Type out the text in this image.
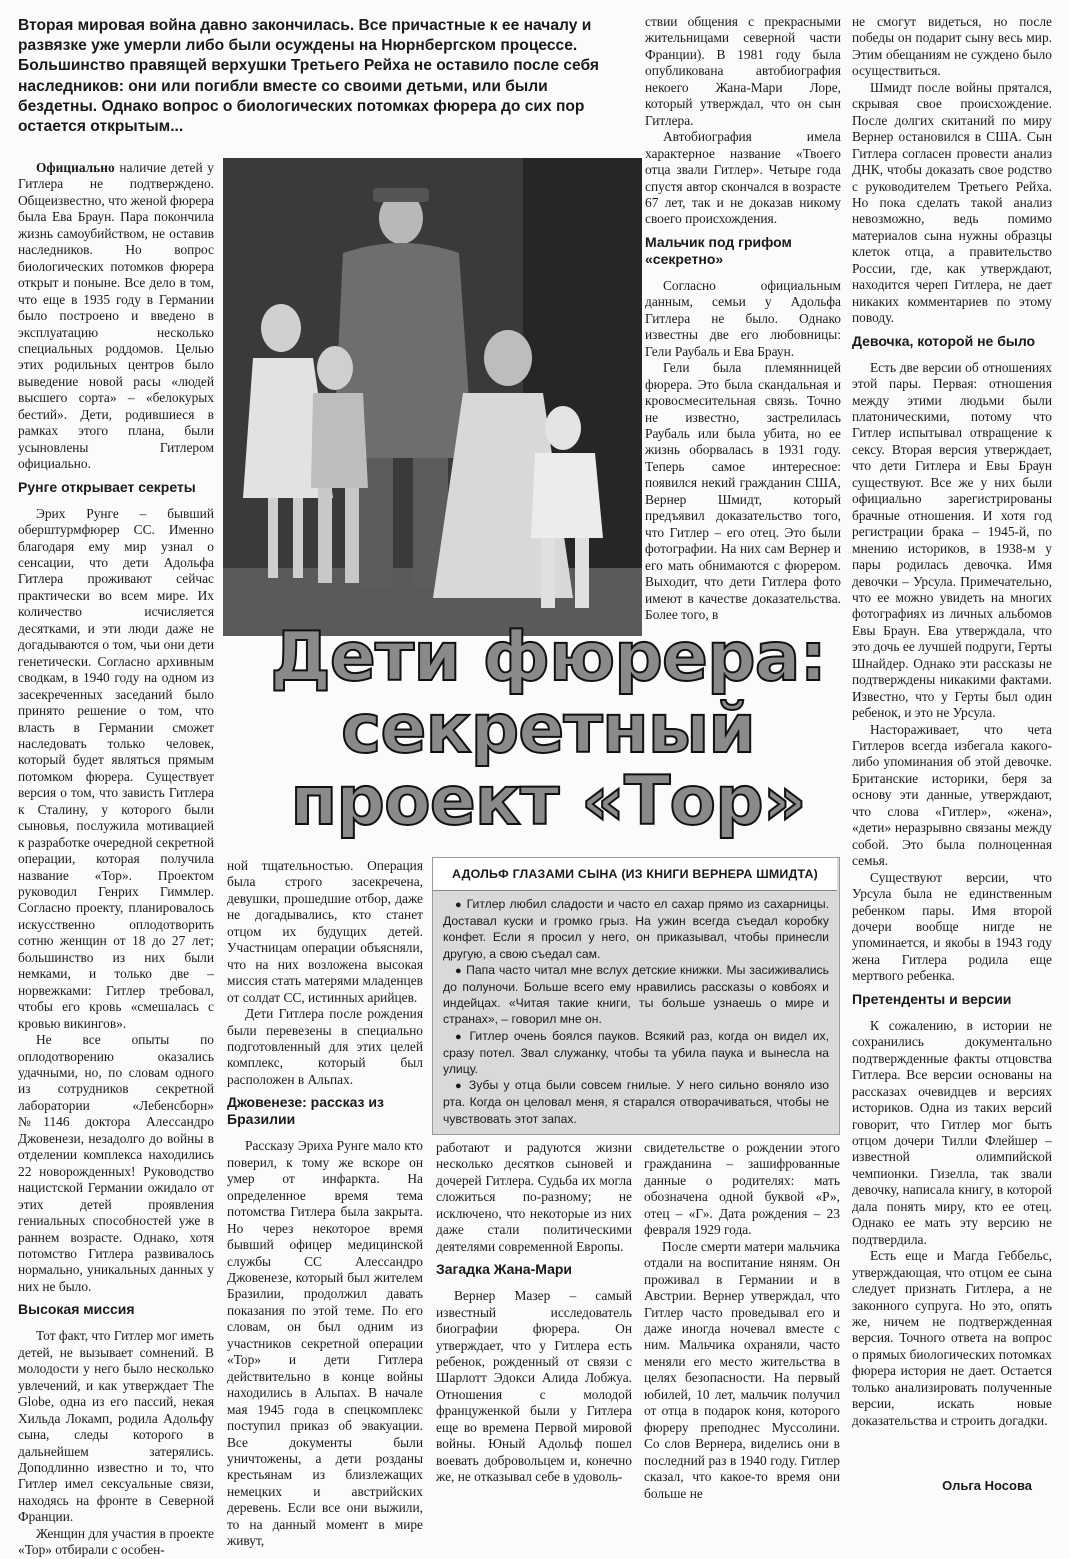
Вторая мировая война давно закончилась. Все причастные к ее началу и развязке уже умерли либо были осуждены на Нюрнбергском процессе. Большинство правящей верхушки Третьего Рейха не оставило после себя наследников: они или погибли вместе со своими детьми, или были бездетны. Однако вопрос о биологических потомках фюрера до сих пор остается открытым...

Официально наличие детей у Гитлера не подтверждено. Общеизвестно, что женой фюрера была Ева Браун. Пара покончила жизнь самоубийством, не оставив наследников. Но вопрос биологических потомков фюрера открыт и поныне. Все дело в том, что еще в 1935 году в Германии было построено и введено в эксплуатацию несколько специальных роддомов. Целью этих родильных центров было выведение новой расы «людей высшего сорта» – «белокурых бестий». Дети, родившиеся в рамках этого плана, были усыновлены Гитлером официально.

Рунге открывает секреты

Эрих Рунге – бывший оберштурмфюрер СС. Именно благодаря ему мир узнал о сенсации, что дети Адольфа Гитлера проживают сейчас практически во всем мире. Их количество исчисляется десятками, и эти люди даже не догадываются о том, чьи они дети генетически. Согласно архивным сводкам, в 1940 году на одном из засекреченных заседаний было принято решение о том, что власть в Германии сможет наследовать только человек, который будет являться прямым потомком фюрера. Существует версия о том, что зависть Гитлера к Сталину, у которого были сыновья, послужила мотивацией к разработке очередной секретной операции, которая получила название «Тор». Проектом руководил Генрих Гиммлер. Согласно проекту, планировалось искусственно оплодотворить сотню женщин от 18 до 27 лет; большинство из них были немками, и только две – норвежками: Гитлер требовал, чтобы его кровь «смешалась с кровью викингов».

Не все опыты по оплодотворению оказались удачными, но, по словам одного из сотрудников секретной лаборатории «Лебенсборн» №1146 доктора Алессандро Джовенези, незадолго до войны в отделении комплекса находились 22 новорожденных! Руководство нацистской Германии ожидало от этих детей проявления гениальных способностей уже в раннем возрасте. Однако, хотя потомство Гитлера развивалось нормально, уникальных данных у них не было.

Высокая миссия

Тот факт, что Гитлер мог иметь детей, не вызывает сомнений. В молодости у него было несколько увлечений, и как утверждает The Globe, одна из его пассий, некая Хильда Локамп, родила Адольфу сына, следы которого в дальнейшем затерялись. Доподлинно известно и то, что Гитлер имел сексуальные связи, находясь на фронте в Северной Франции.

Женщин для участия в проекте «Тор» отбирали с особен-

Дети фюрера:
секретный
проект «Тор»

ной тщательностью. Операция была строго засекречена, девушки, прошедшие отбор, даже не догадывались, кто станет отцом их будущих детей. Участницам операции объясняли, что на них возложена высокая миссия стать матерями младенцев от солдат СС, истинных арийцев.

Дети Гитлера после рождения были перевезены в специально подготовленный для этих целей комплекс, который был расположен в Альпах.

Джовенезе: рассказ из Бразилии

Рассказу Эриха Рунге мало кто поверил, к тому же вскоре он умер от инфаркта. На определенное время тема потомства Гитлера была закрыта. Но через некоторое время бывший офицер медицинской службы СС Алессандро Джовенезе, который был жителем Бразилии, продолжил давать показания по этой теме. По его словам, он был одним из участников секретной операции «Тор» и дети Гитлера действительно в конце войны находились в Альпах. В начале мая 1945 года в спецкомплекс поступил приказ об эвакуации. Все документы были уничтожены, а дети розданы крестьянам из близлежащих немецких и австрийских деревень. Если все они выжили, то на данный момент в мире живут,

ствии общения с прекрасными жительницами северной части Франции). В 1981 году была опубликована автобиография некоего Жана-Мари Лоре, который утверждал, что он сын Гитлера.

Автобиография имела характерное название «Твоего отца звали Гитлер». Четыре года спустя автор скончался в возрасте 67 лет, так и не доказав никому своего происхождения.

Мальчик под грифом «секретно»

Согласно официальным данным, семьи у Адольфа Гитлера не было. Однако известны две его любовницы: Гели Раубаль и Ева Браун.

Гели была племянницей фюрера. Это была скандальная и кровосмесительная связь. Точно не известно, застрелилась Раубаль или была убита, но ее жизнь оборвалась в 1931 году. Теперь самое интересное: появился некий гражданин США, Вернер Шмидт, который предъявил доказательство того, что Гитлер – его отец. Это были фотографии. На них сам Вернер и его мать обнимаются с фюрером. Выходит, что дети Гитлера фото имеют в качестве доказательства. Более того, в

не смогут видеться, но после победы он подарит сыну весь мир. Этим обещаниям не суждено было осуществиться.

Шмидт после войны прятался, скрывая свое происхождение. После долгих скитаний по миру Вернер остановился в США. Сын Гитлера согласен провести анализ ДНК, чтобы доказать свое родство с руководителем Третьего Рейха. Но пока сделать такой анализ невозможно, ведь помимо материалов сына нужны образцы клеток отца, а правительство России, где, как утверждают, находится череп Гитлера, не дает никаких комментариев по этому поводу.

Девочка, которой не было

Есть две версии об отношениях этой пары. Первая: отношения между этими людьми были платоническими, потому что Гитлер испытывал отвращение к сексу. Вторая версия утверждает, что дети Гитлера и Евы Браун существуют. Все же у них были официально зарегистрированы брачные отношения. И хотя год регистрации брака – 1945-й, по мнению историков, в 1938-м у пары родилась девочка. Имя девочки – Урсула. Примечательно, что ее можно увидеть на многих фотографиях из личных альбомов Евы Браун. Ева утверждала, что это дочь ее лучшей подруги, Герты Шнайдер. Однако эти рассказы не подтверждены никакими фактами. Известно, что у Герты был один ребенок, и это не Урсула.

Настораживает, что чета Гитлеров всегда избегала какого-либо упоминания об этой девочке. Британские историки, беря за основу эти данные, утверждают, что слова «Гитлер», «жена», «дети» неразрывно связаны между собой. Это была полноценная семья.

Существуют версии, что Урсула была не единственным ребенком пары. Имя второй дочери вообще нигде не упоминается, и якобы в 1943 году жена Гитлера родила еще мертвого ребенка.

Претенденты и версии

К сожалению, в истории не сохранились документально подтвержденные факты отцовства Гитлера. Все версии основаны на рассказах очевидцев и версиях историков. Одна из таких версий говорит, что Гитлер мог быть отцом дочери Тилли Флейшер – известной олимпийской чемпионки. Гизелла, так звали девочку, написала книгу, в которой дала понять миру, кто ее отец. Однако ее мать эту версию не подтвердила.

Есть еще и Магда Геббельс, утверждающая, что отцом ее сына следует признать Гитлера, а не законного супруга. Но это, опять же, ничем не подтвержденная версия. Точного ответа на вопрос о прямых биологических потомках фюрера история не дает. Остается только анализировать полученные версии, искать новые доказательства и строить догадки.

АДОЛЬФ ГЛАЗАМИ СЫНА (ИЗ КНИГИ ВЕРНЕРА ШМИДТА)

● Гитлер любил сладости и часто ел сахар прямо из сахарницы. Доставал куски и громко грыз. На ужин всегда съедал коробку конфет. Если я просил у него, он приказывал, чтобы принесли другую, а свою съедал сам.

● Папа часто читал мне вслух детские книжки. Мы засиживались до полуночи. Больше всего ему нравились рассказы о ковбоях и индейцах. «Читая такие книги, ты больше узнаешь о мире и странах», – говорил мне он.

● Гитлер очень боялся пауков. Всякий раз, когда он видел их, сразу потел. Звал служанку, чтобы та убила паука и вынесла на улицу.

● Зубы у отца были совсем гнилые. У него сильно воняло изо рта. Когда он целовал меня, я старался отворачиваться, чтобы не чувствовать этот запах.

работают и радуются жизни несколько десятков сыновей и дочерей Гитлера. Судьба их могла сложиться по-разному; не исключено, что некоторые из них даже стали политическими деятелями современной Европы.

Загадка Жана-Мари

Вернер Мазер – самый известный исследователь биографии фюрера. Он утверждает, что у Гитлера есть ребенок, рожденный от связи с Шарлотт Эдокси Алида Лобжуа. Отношения с молодой француженкой были у Гитлера еще во времена Первой мировой войны. Юный Адольф пошел воевать добровольцем и, конечно же, не отказывал себе в удоволь-

свидетельстве о рождении этого гражданина – зашифрованные данные о родителях: мать обозначена одной буквой «Р», отец – «Г». Дата рождения – 23 февраля 1929 года.

После смерти матери мальчика отдали на воспитание няням. Он проживал в Германии и в Австрии. Вернер утверждал, что Гитлер часто проведывал его и даже иногда ночевал вместе с ним. Мальчика охраняли, часто меняли его место жительства в целях безопасности. На первый юбилей, 10 лет, мальчик получил от отца в подарок коня, которого фюреру преподнес Муссолини. Со слов Вернера, виделись они в последний раз в 1940 году. Гитлер сказал, что какое-то время они больше не

Ольга Носова
